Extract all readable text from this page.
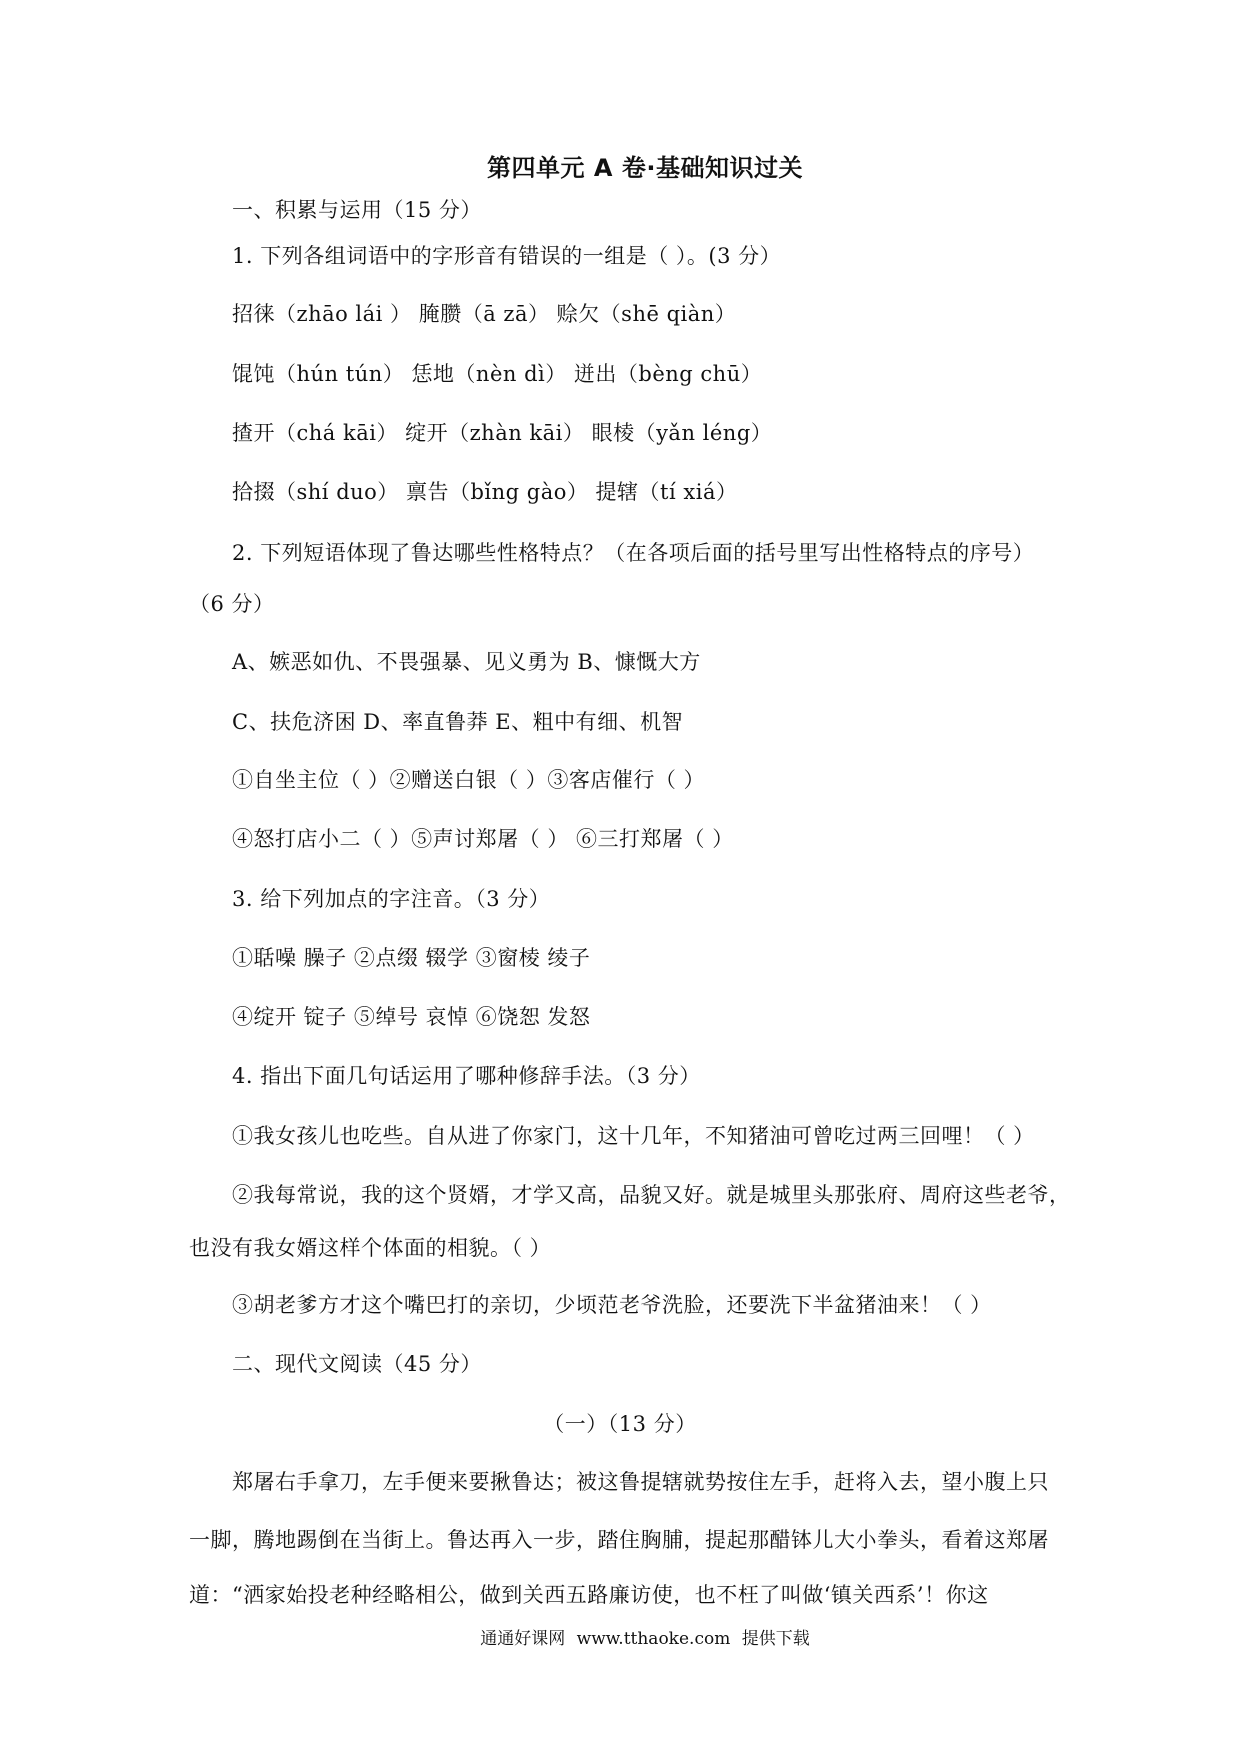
第四单元 A 卷·基础知识过关
一、积累与运用（15 分）
1. 下列各组词语中的字形音有错误的一组是（ ）。(3 分）
招徕（zhāo lái ） 腌臜（ā zā） 赊欠（shē qiàn）
馄饨（hún tún） 恁地（nèn dì） 迸出（bèng chū）
揸开（chá kāi） 绽开（zhàn kāi） 眼棱（yǎn léng）
拾掇（shí duo） 禀告（bǐng gào） 提辖（tí xiá）
2. 下列短语体现了鲁达哪些性格特点？（在各项后面的括号里写出性格特点的序号）
（6 分）
A、嫉恶如仇、不畏强暴、见义勇为 B、慷慨大方
C、扶危济困 D、率直鲁莽 E、粗中有细、机智
①自坐主位（ ）②赠送白银（ ）③客店催行（ ）
④怒打店小二（ ）⑤声讨郑屠（ ） ⑥三打郑屠（ ）
3. 给下列加点的字注音。（3 分）
①聒噪 臊子 ②点缀 辍学 ③窗棱 绫子
④绽开 锭子 ⑤绰号 哀悼 ⑥饶恕 发怒
4. 指出下面几句话运用了哪种修辞手法。（3 分）
①我女孩儿也吃些。自从进了你家门，这十几年，不知猪油可曾吃过两三回哩！（ ）
②我每常说，我的这个贤婿，才学又高，品貌又好。就是城里头那张府、周府这些老爷，
也没有我女婿这样个体面的相貌。（ ）
③胡老爹方才这个嘴巴打的亲切，少顷范老爷洗脸，还要洗下半盆猪油来！（ ）
二、现代文阅读（45 分）
（一）（13 分）
郑屠右手拿刀，左手便来要揪鲁达；被这鲁提辖就势按住左手，赶将入去，望小腹上只
一脚，腾地踢倒在当街上。鲁达再入一步，踏住胸脯，提起那醋钵儿大小拳头，看着这郑屠
道：“洒家始投老种经略相公，做到关西五路廉访使，也不枉了叫做‘镇关西系’！你这
通通好课网 www.tthaoke.com 提供下载
